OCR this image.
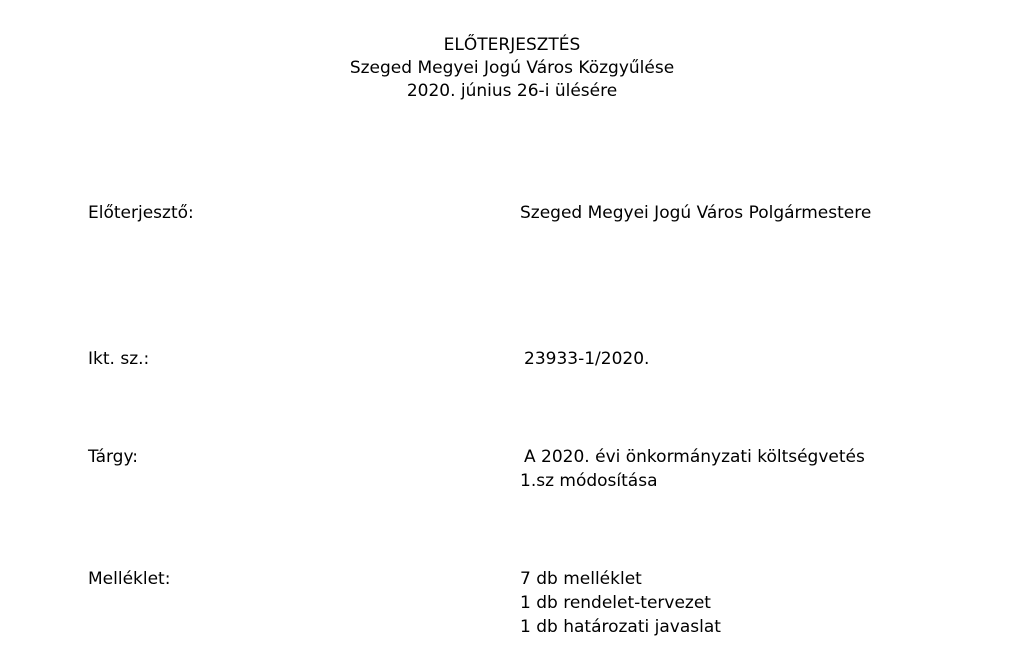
ELŐTERJESZTÉS
Szeged Megyei Jogú Város Közgyűlése
2020. június 26-i ülésére
Előterjesztő:	Szeged Megyei Jogú Város Polgármestere
Ikt. sz.:	23933-1/2020.
Tárgy:	A 2020. évi önkormányzati költségvetés
1.sz módosítása
Melléklet:	7 db melléklet
1 db rendelet-tervezet
1 db határozati javaslat
